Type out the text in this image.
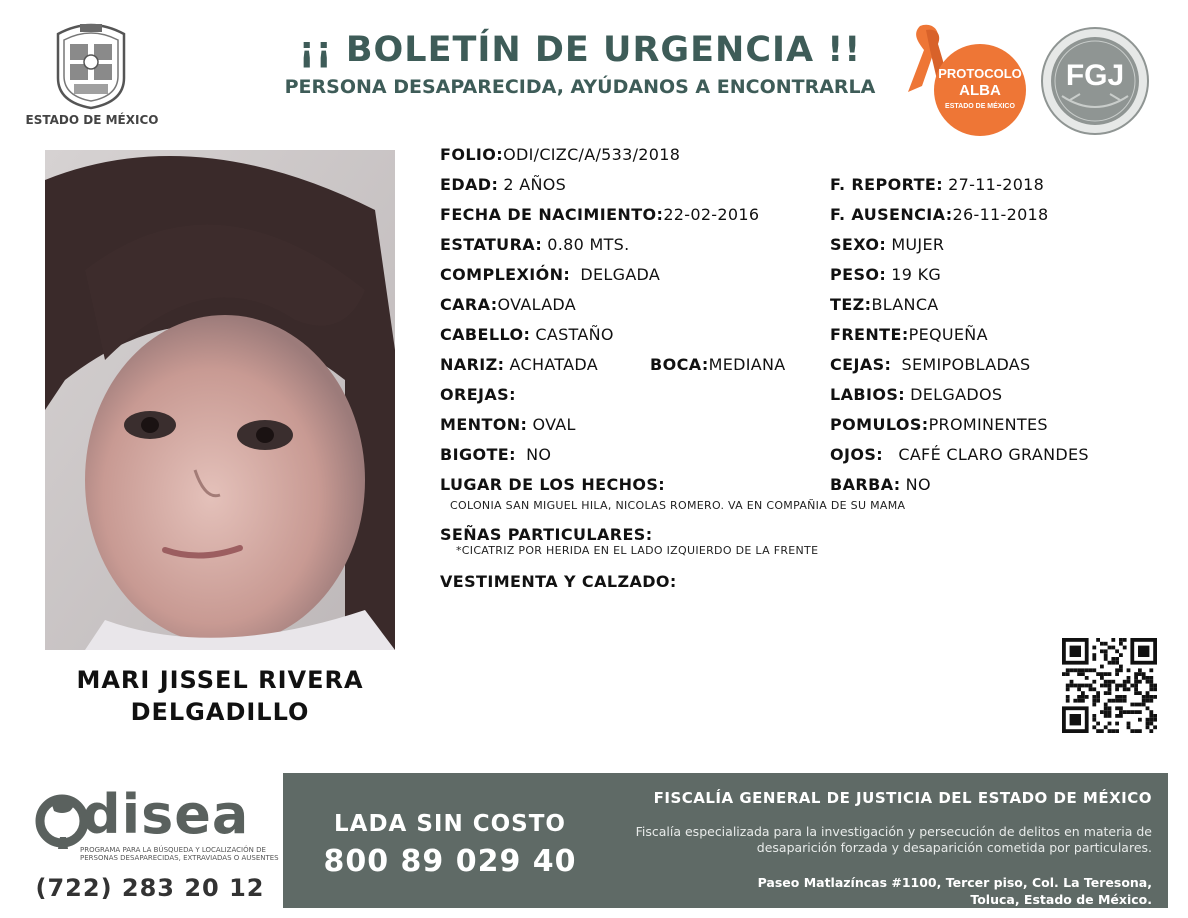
ESTADO DE MÉXICO
¡¡ BOLETÍN DE URGENCIA !!
PERSONA DESAPARECIDA, AYÚDANOS A ENCONTRARLA
PROTOCOLO
ALBA
ESTADO DE MÉXICO
FGJ
MARI JISSEL RIVERA
DELGADILLO
FOLIO:ODI/CIZC/A/533/2018
EDAD: 2 AÑOS
FECHA DE NACIMIENTO:22-02-2016
ESTATURA: 0.80 MTS.
COMPLEXIÓN: DELGADA
CARA:OVALADA
CABELLO: CASTAÑO
NARIZ: ACHATADA	BOCA:MEDIANA
OREJAS:
MENTON: OVAL
BIGOTE: NO
LUGAR DE LOS HECHOS:
COLONIA SAN MIGUEL HILA, NICOLAS ROMERO. VA EN COMPAÑIA DE SU MAMA
SEÑAS PARTICULARES:
*CICATRIZ POR HERIDA EN EL LADO IZQUIERDO DE LA FRENTE
VESTIMENTA Y CALZADO:
F. REPORTE: 27-11-2018
F. AUSENCIA:26-11-2018
SEXO: MUJER
PESO: 19 KG
TEZ:BLANCA
FRENTE:PEQUEÑA
CEJAS: SEMIPOBLADAS
LABIOS: DELGADOS
POMULOS:PROMINENTES
OJOS: CAFÉ CLARO GRANDES
BARBA: NO
disea
PROGRAMA PARA LA BÚSQUEDA Y LOCALIZACIÓN DE PERSONAS DESAPARECIDAS, EXTRAVIADAS O AUSENTES
(722) 283 20 12
LADA SIN COSTO
800 89 029 40
FISCALÍA GENERAL DE JUSTICIA DEL ESTADO DE MÉXICO
Fiscalía especializada para la investigación y persecución de delitos en materia de desaparición forzada y desaparición cometida por particulares.
Paseo Matlazíncas #1100, Tercer piso, Col. La Teresona,
Toluca, Estado de México.
